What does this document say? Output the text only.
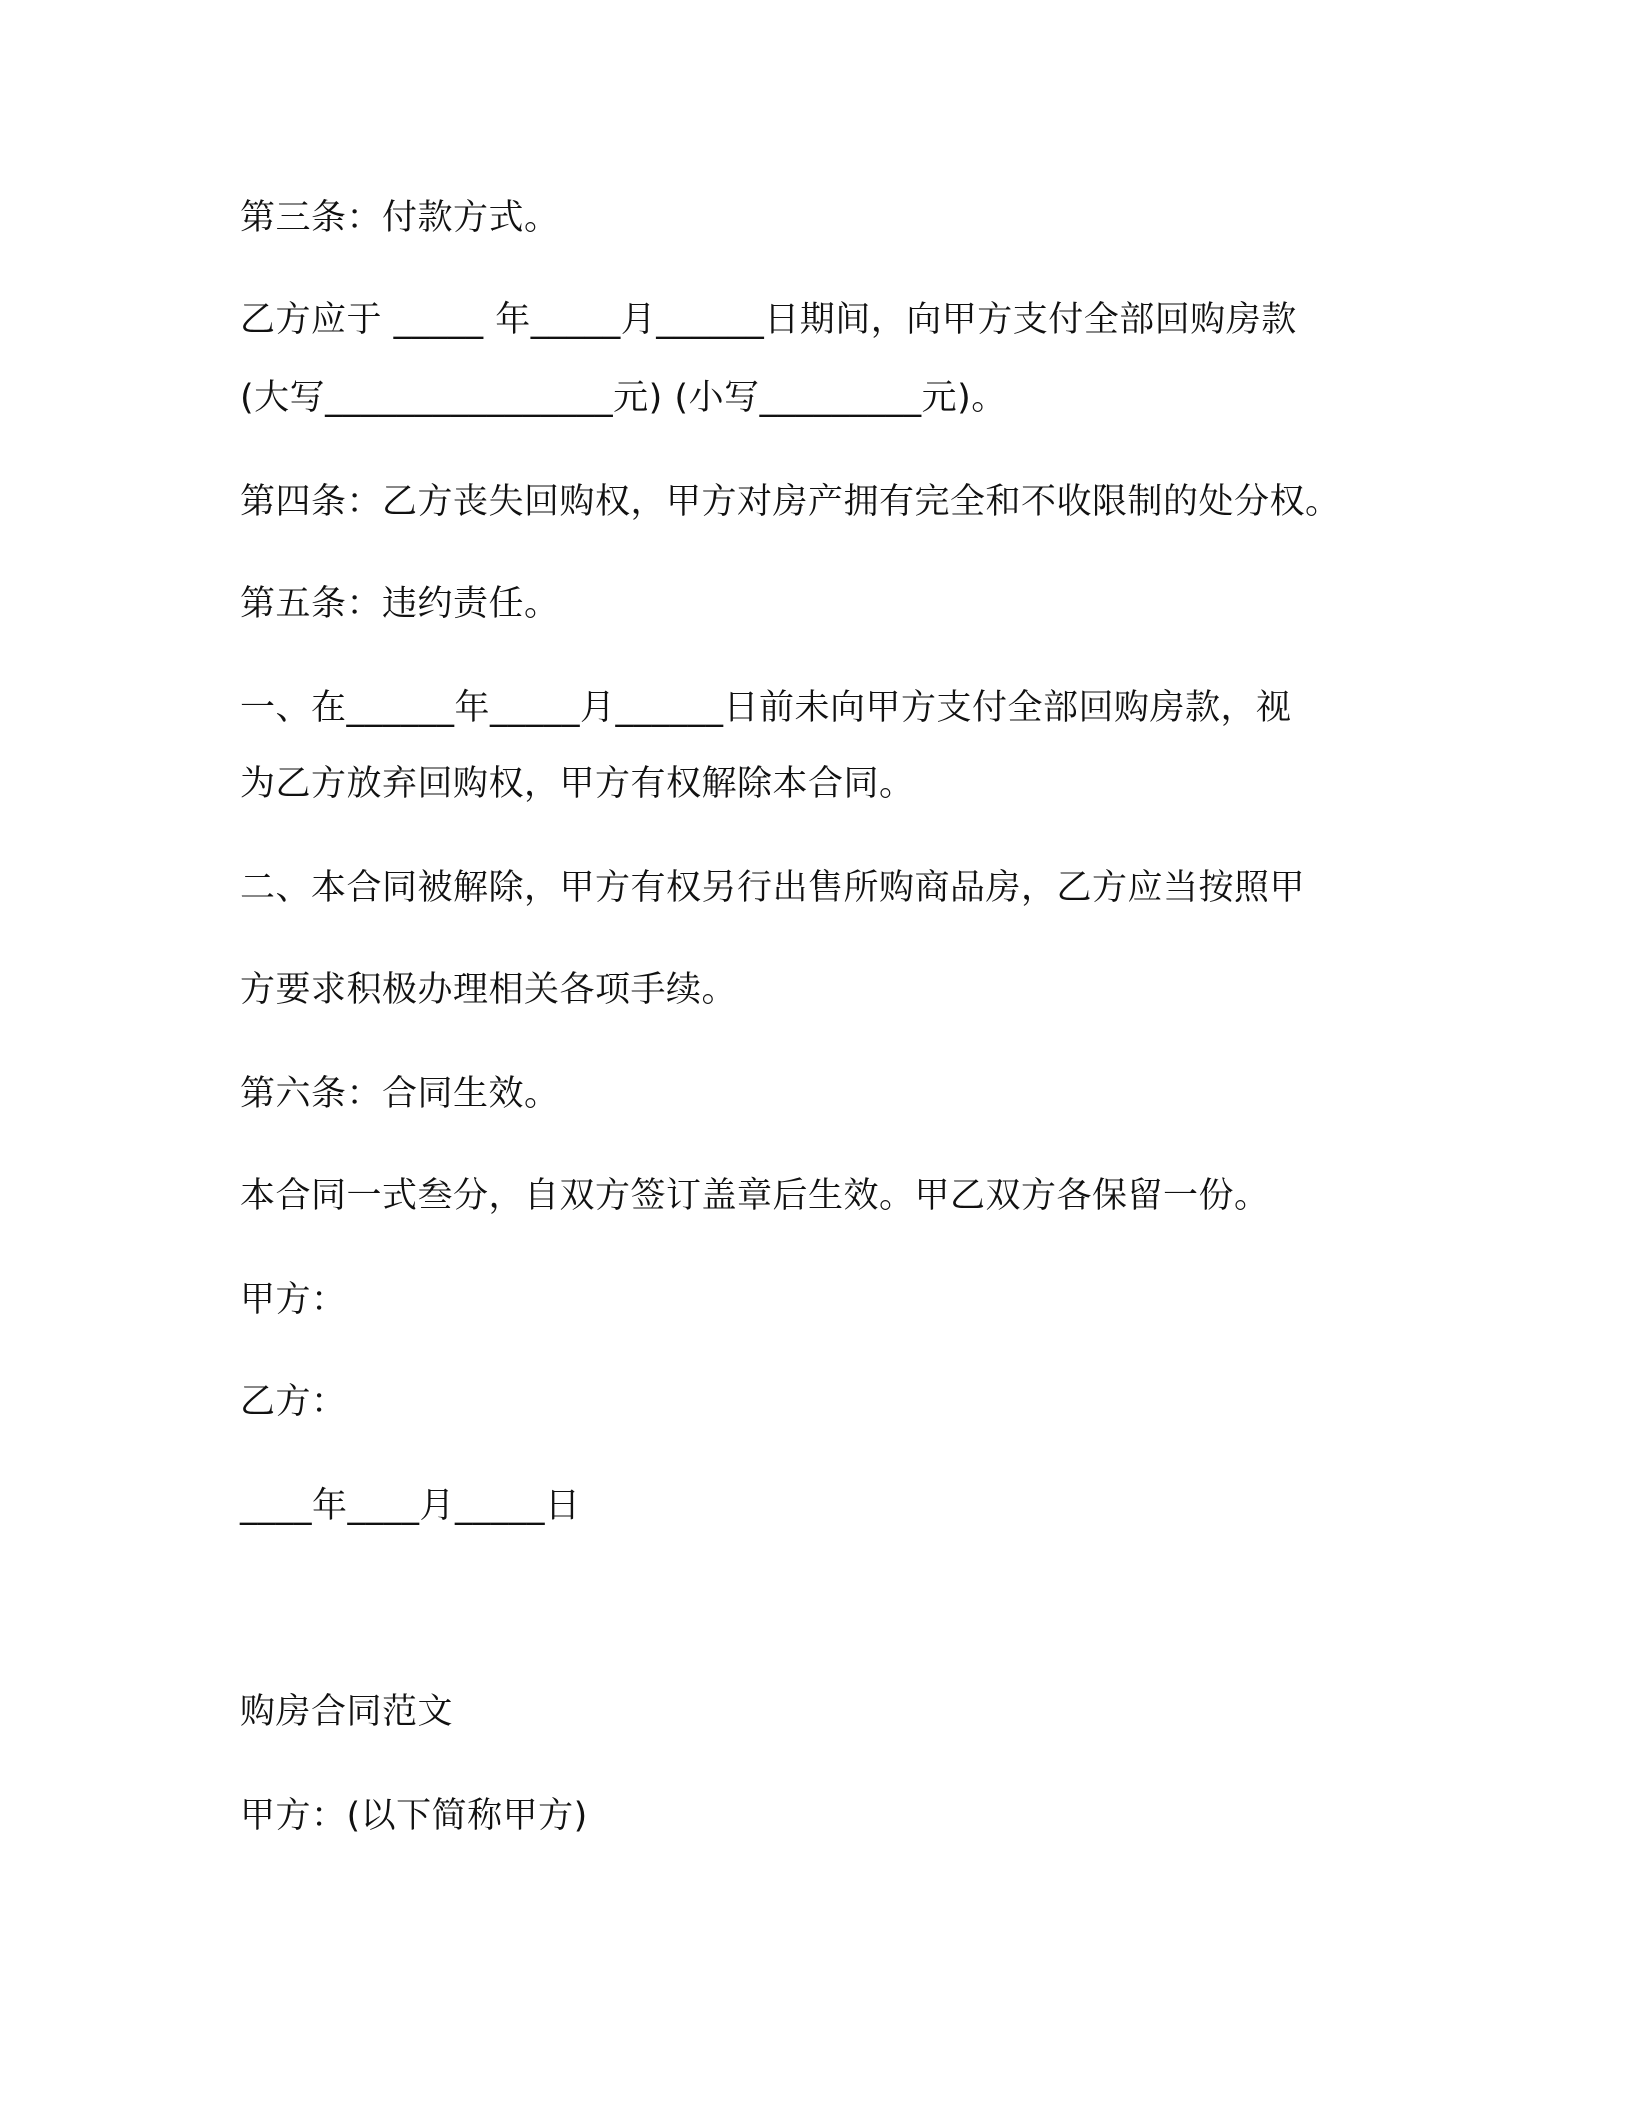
第三条：付款方式。

乙方应于 _____ 年_____月______日期间，向甲方支付全部回购房款

(大写________________元) (小写_________元)。

第四条：乙方丧失回购权，甲方对房产拥有完全和不收限制的处分权。

第五条：违约责任。

一、在______年_____月______日前未向甲方支付全部回购房款，视

为乙方放弃回购权，甲方有权解除本合同。

二、本合同被解除，甲方有权另行出售所购商品房，乙方应当按照甲

方要求积极办理相关各项手续。

第六条：合同生效。

本合同一式叁分，自双方签订盖章后生效。甲乙双方各保留一份。

甲方：

乙方：

____年____月_____日

购房合同范文

甲方：(以下简称甲方)
